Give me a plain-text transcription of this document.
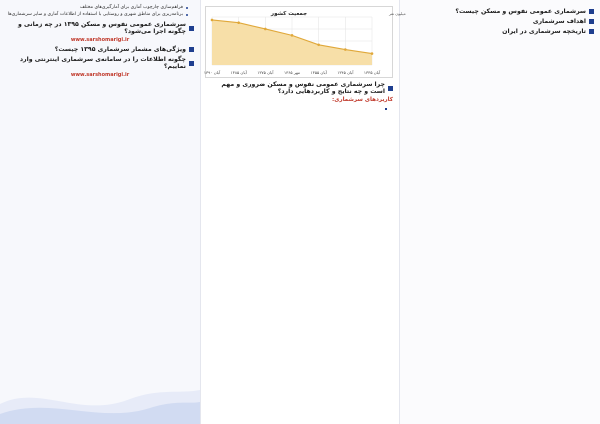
سرشماری عمومی نفوس و مسکن چیست؟

اهداف سرشماری

تاریخچه سرشماری در ایران

آبان ۱۳۳۵
آبان ۱۳۴۵
آبان ۱۳۵۵
مهر ۱۳۶۵
آبان ۱۳۷۵
آبان ۱۳۸۵
آبان ۱۳۹۰
جمعیت کشور	میلیون نفر
چرا سرشماری عمومی نفوس و مسکن ضروری و مهم است و چه نتایج و کاربردهایی دارد؟

کاربردهای سرشماری:
فراهم‌سازی چارچوب آماری برای آمارگیری‌های مختلف
برنامه‌ریزی برای مناطق شهری و روستایی با استفاده از اطلاعات آماری و سایر سرشماری‌ها
سرشماری عمومی نفوس و مسکن ۱۳۹۵ در چه زمانی و چگونه اجرا می‌شود؟

www.sarshomarigi.ir

ویژگی‌های مشمار سرشماری ۱۳۹۵ چیست؟

چگونه اطلاعات را در سامانه‌ی سرشماری اینترنتی وارد نماییم؟

www.sarshomarigi.ir
